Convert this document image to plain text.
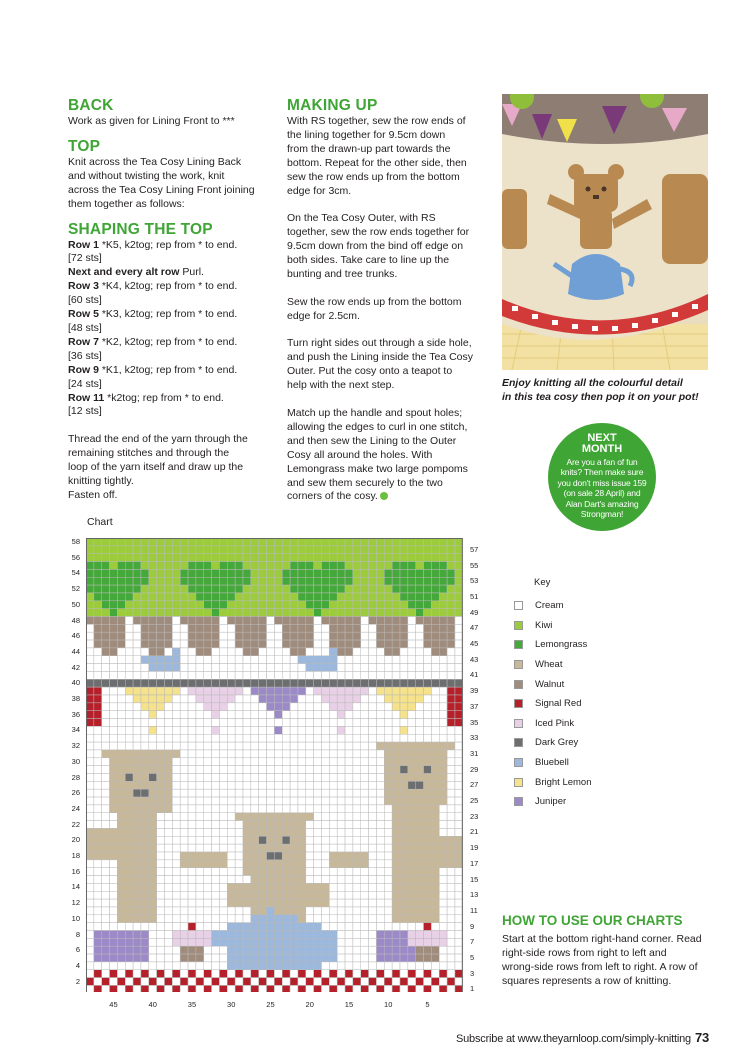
BACK

Work as given for Lining Front to ***

TOP

Knit across the Tea Cosy Lining Back

and without twisting the work, knit

across the Tea Cosy Lining Front joining

them together as follows:

SHAPING THE TOP

Row 1 *K5, k2tog; rep from * to end.

[72 sts]

Next and every alt row Purl.

Row 3 *K4, k2tog; rep from * to end.

[60 sts]

Row 5 *K3, k2tog; rep from * to end.

[48 sts]

Row 7 *K2, k2tog; rep from * to end.

[36 sts]

Row 9 *K1, k2tog; rep from * to end.

[24 sts]

Row 11 *k2tog; rep from * to end.

[12 sts]

Thread the end of the yarn through the

remaining stitches and through the

loop of the yarn itself and draw up the

knitting tightly.

Fasten off.

MAKING UP

With RS together, sew the row ends of

the lining together for 9.5cm down

from the drawn-up part towards the

bottom. Repeat for the other side, then

sew the row ends up from the bottom

edge for 3cm.

On the Tea Cosy Outer, with RS

together, sew the row ends together for

9.5cm down from the bind off edge on

both sides. Take care to line up the

bunting and tree trunks.

Sew the row ends up from the bottom

edge for 2.5cm.

Turn right sides out through a side hole,

and push the Lining inside the Tea Cosy

Outer. Put the cosy onto a teapot to

help with the next step.

Match up the handle and spout holes;

allowing the edges to curl in one stitch,

and then sew the Lining to the Outer

Cosy all around the holes. With

Lemongrass make two large pompoms

and sew them securely to the two

corners of the cosy.

Enjoy knitting all the colourful detail
in this tea cosy then pop it on your pot!
NEXT
MONTH
Are you a fan of fun
knits? Then make sure
you don't miss issue 159
(on sale 28 April) and
Alan Dart's amazing
Strongman!
Chart
58
56
54
52
50
48
46
44
42
40
38
36
34
32
30
28
26
24
22
20
18
16
14
12
10
8
6
4
2
57
55
53
51
49
47
45
43
41
39
37
35
33
31
29
27
25
23
21
19
17
15
13
11
9
7
5
3
1
45	40	35	30	25	20	15	10	5
Key
Cream
Kiwi
Lemongrass
Wheat
Walnut
Signal Red
Iced Pink
Dark Grey
Bluebell
Bright Lemon
Juniper
HOW TO USE OUR CHARTS
Start at the bottom right-hand corner. Read
right-side rows from right to left and
wrong-side rows from left to right. A row of
squares represents a row of knitting.
Subscribe at www.theyarnloop.com/simply-knitting 73
